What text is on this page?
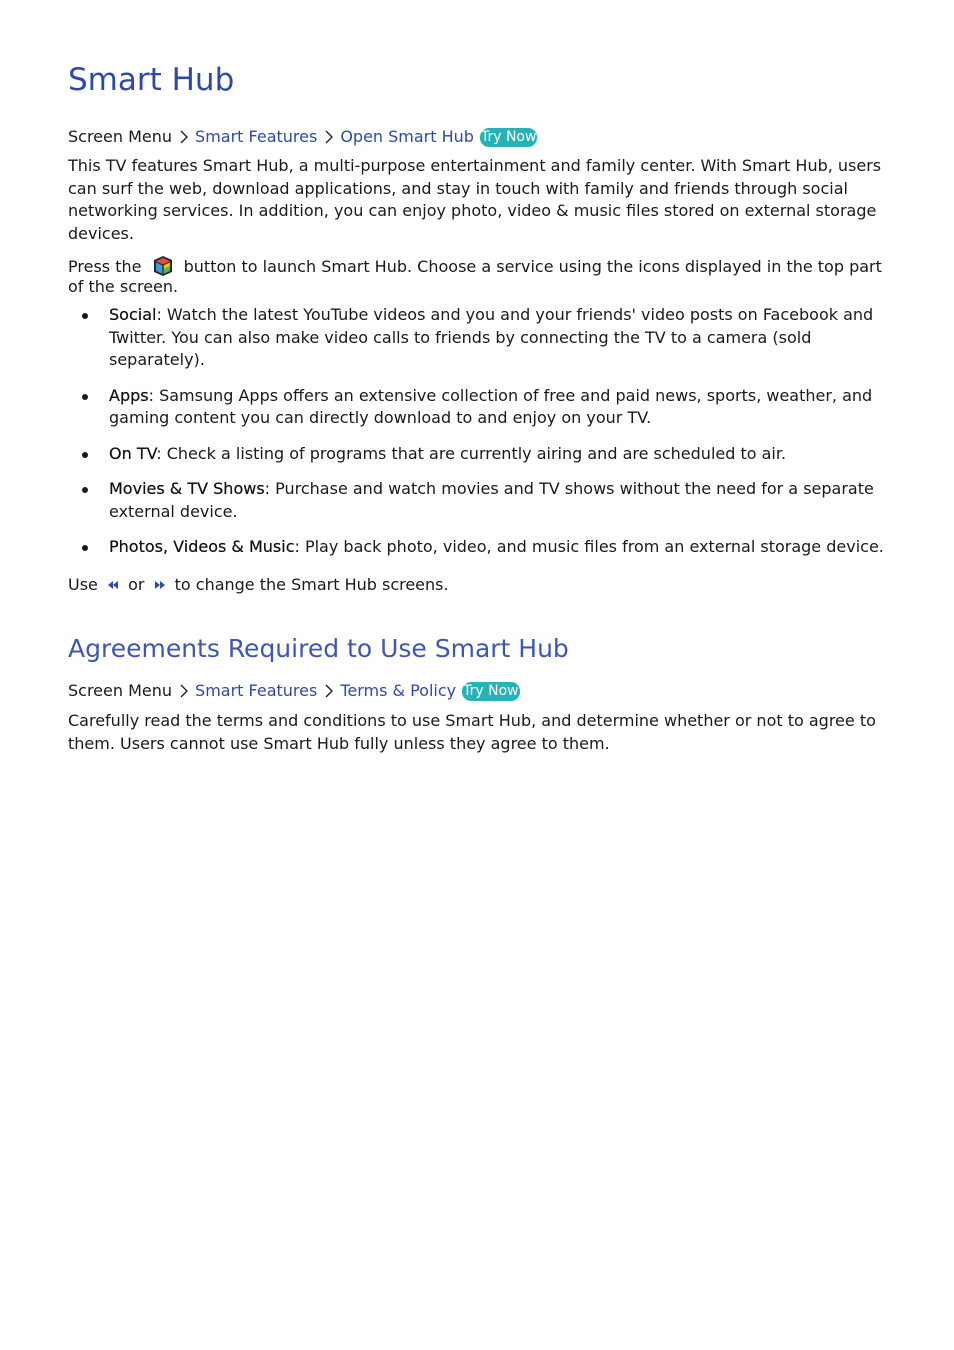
Smart Hub
Screen Menu Smart Features Open Smart Hub Try Now

This TV features Smart Hub, a multi-purpose entertainment and family center. With Smart Hub, users can surf the web, download applications, and stay in touch with family and friends through social networking services. In addition, you can enjoy photo, video & music files stored on external storage devices.

Press the  button to launch Smart Hub. Choose a service using the icons displayed in the top part of the screen.

Social: Watch the latest YouTube videos and you and your friends' video posts on Facebook and Twitter. You can also make video calls to friends by connecting the TV to a camera (sold separately).
Apps: Samsung Apps offers an extensive collection of free and paid news, sports, weather, and gaming content you can directly download to and enjoy on your TV.
On TV: Check a listing of programs that are currently airing and are scheduled to air.
Movies & TV Shows: Purchase and watch movies and TV shows without the need for a separate external device.
Photos, Videos & Music: Play back photo, video, and music files from an external storage device.

Use  or  to change the Smart Hub screens.

Agreements Required to Use Smart Hub
Screen Menu Smart Features Terms & Policy Try Now

Carefully read the terms and conditions to use Smart Hub, and determine whether or not to agree to them. Users cannot use Smart Hub fully unless they agree to them.
